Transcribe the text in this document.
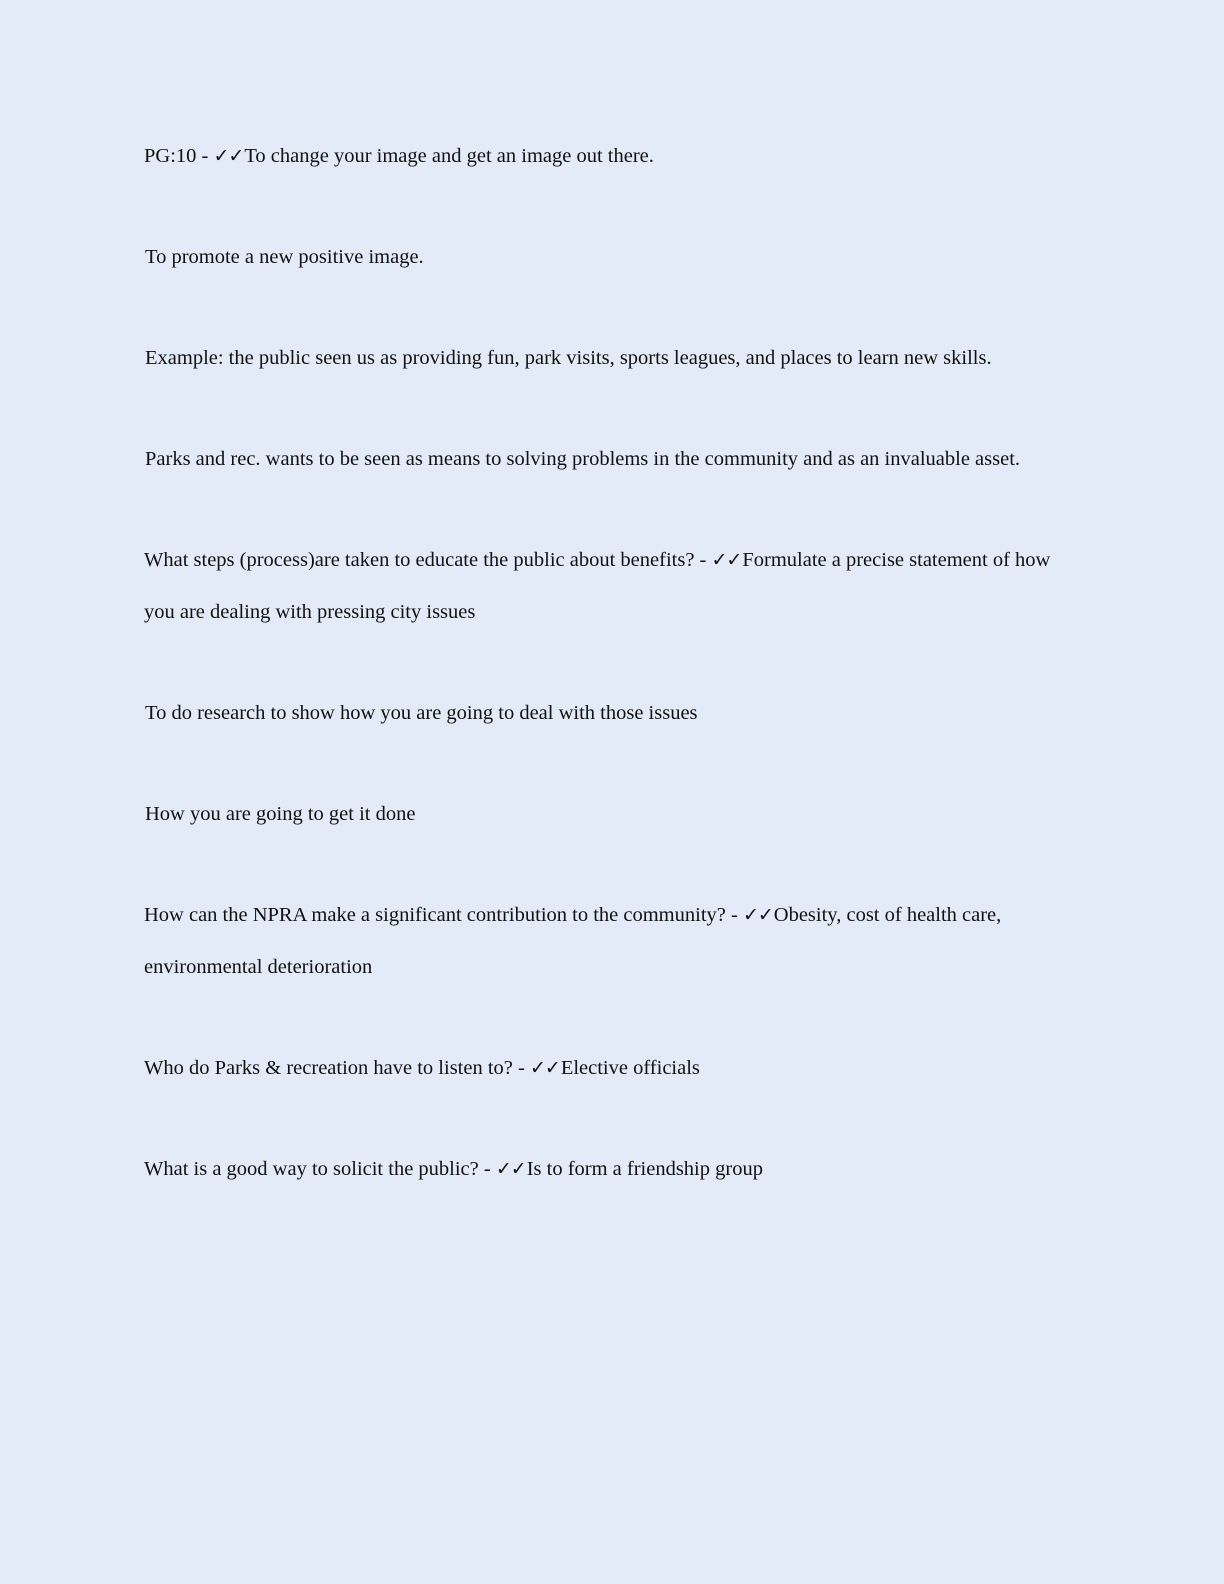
PG:10 - ✓✓To change your image and get an image out there.

To promote a new positive image.

Example: the public seen us as providing fun, park visits, sports leagues, and places to learn new skills.

Parks and rec. wants to be seen as means to solving problems in the community and as an invaluable asset.

What steps (process)are taken to educate the public about benefits? - ✓✓Formulate a precise statement of how you are dealing with pressing city issues

To do research to show how you are going to deal with those issues

How you are going to get it done

How can the NPRA make a significant contribution to the community? - ✓✓Obesity, cost of health care, environmental deterioration

Who do Parks & recreation have to listen to? - ✓✓Elective officials

What is a good way to solicit the public? - ✓✓Is to form a friendship group
